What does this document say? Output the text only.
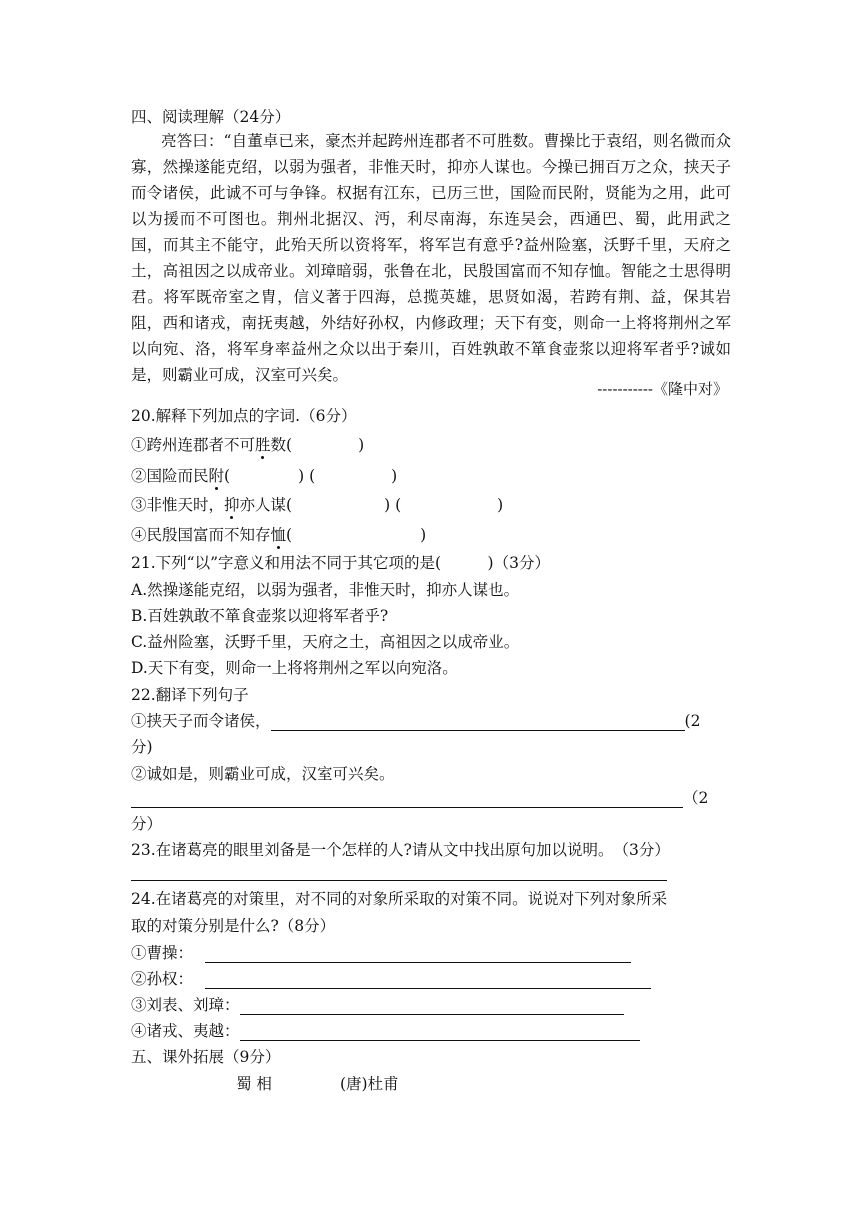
四、阅读理解（24分）

亮答曰：“自董卓已来，豪杰并起跨州连郡者不可胜数。曹操比于袁绍，则名微而众寡，然操遂能克绍，以弱为强者，非惟天时，抑亦人谋也。今操已拥百万之众，挟天子而令诸侯，此诚不可与争锋。权据有江东，已历三世，国险而民附，贤能为之用，此可以为援而不可图也。荆州北据汉、沔，利尽南海，东连吴会，西通巴、蜀，此用武之国，而其主不能守，此殆天所以资将军，将军岂有意乎?益州险塞，沃野千里，天府之土，高祖因之以成帝业。刘璋暗弱，张鲁在北，民殷国富而不知存恤。智能之士思得明君。将军既帝室之胄，信义著于四海，总揽英雄，思贤如渴，若跨有荆、益，保其岩阻，西和诸戎，南抚夷越，外结好孙权，内修政理；天下有变，则命一上将将荆州之军以向宛、洛，将军身率益州之众以出于秦川，百姓孰敢不箪食壶浆以迎将军者乎?诚如是，则霸业可成，汉室可兴矣。

-----------《隆中对》
20.解释下列加点的字词.（6分）
①跨州连郡者不可胜数(	)
②国险而民附(	) (	)
③非惟天时，抑亦人谋(	) (	)
④民殷国富而不知存恤(	)
21.下列“以”字意义和用法不同于其它项的是(　　　)（3分）
A.然操遂能克绍，以弱为强者，非惟天时，抑亦人谋也。
B.百姓孰敢不箪食壶浆以迎将军者乎?
C.益州险塞，沃野千里，天府之土，高祖因之以成帝业。
D.天下有变，则命一上将将荆州之军以向宛洛。
22.翻译下列句子
①挟天子而令诸侯，	(2
分)
②诚如是，则霸业可成，汉室可兴矣。
（2
分）
23.在诸葛亮的眼里刘备是一个怎样的人?请从文中找出原句加以说明。　（3分）
24.在诸葛亮的对策里，对不同的对象所采取的对策不同。说说对下列对象所采
取的对策分别是什么?（8分）
①曹操：
②孙权：
③刘表、刘璋：
④诸戎、夷越：
五、课外拓展（9分）
蜀 相	(唐)杜甫
